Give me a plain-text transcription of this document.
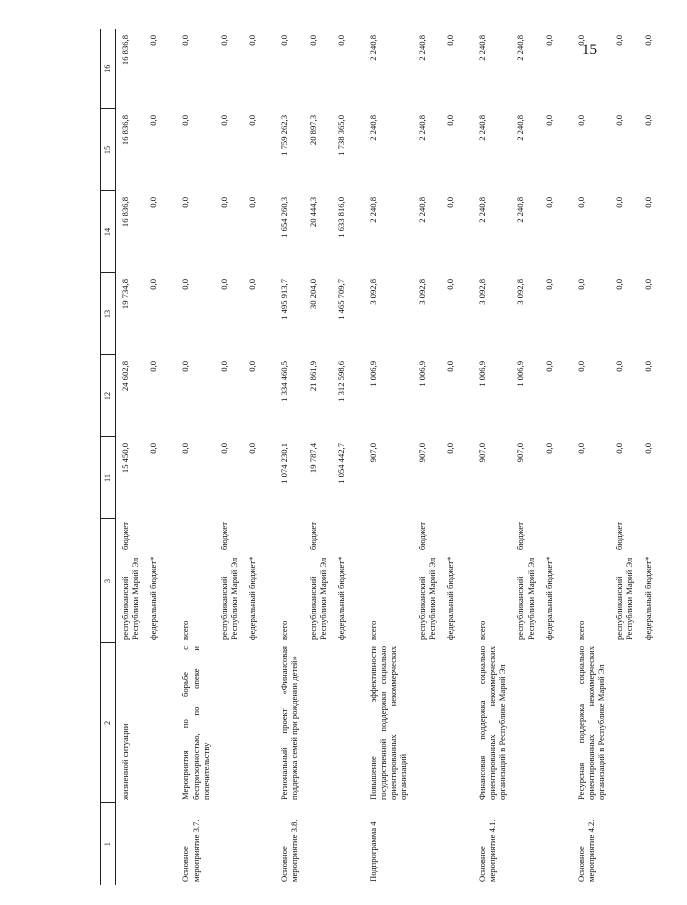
15
1	2	3	11	12	13	14	15	16
	жизненной ситуации	республиканский бюджет Республики Марий Эл	15 450,0	24 602,8	19 734,8	16 836,8	16 836,8	16 836,8
		федеральный бюджет*	0,0	0,0	0,0	0,0	0,0	0,0
Основное мероприятие 3.7.	Мероприятия по борьбе с беспризорностью, по опеке и попечительству	всего	0,0	0,0	0,0	0,0	0,0	0,0
		республиканский бюджет Республики Марий Эл	0,0	0,0	0,0	0,0	0,0	0,0
		федеральный бюджет*	0,0	0,0	0,0	0,0	0,0	0,0
Основное мероприятие 3.8.	Региональный проект «Финансовая поддержка семей при рождении детей»	всего	1 074 230,1	1 334 460,5	1 495 913,7	1 654 260,3	1 759 262,3	0,0
		республиканский бюджет Республики Марий Эл	19 787,4	21 861,9	30 204,0	20 444,3	20 897,3	0,0
		федеральный бюджет*	1 054 442,7	1 312 598,6	1 465 709,7	1 633 816,0	1 738 365,0	0,0
Подпрограмма 4	Повышение эффективности государственной поддержки социально ориентированных некоммерческих организаций	всего	907,0	1 006,9	3 092,8	2 240,8	2 240,8	2 240,8
		республиканский бюджет Республики Марий Эл	907,0	1 006,9	3 092,8	2 240,8	2 240,8	2 240,8
		федеральный бюджет*	0,0	0,0	0,0	0,0	0,0	0,0
Основное мероприятие 4.1.	Финансовая поддержка социально ориентированных некоммерческих организаций в Республике Марий Эл	всего	907,0	1 006,9	3 092,8	2 240,8	2 240,8	2 240,8
		республиканский бюджет Республики Марий Эл	907,0	1 006,9	3 092,8	2 240,8	2 240,8	2 240,8
		федеральный бюджет*	0,0	0,0	0,0	0,0	0,0	0,0
Основное мероприятие 4.2.	Ресурсная поддержка социально ориентированных некоммерческих организаций в Республике Марий Эл	всего	0,0	0,0	0,0	0,0	0,0	0,0
		республиканский бюджет Республики Марий Эл	0,0	0,0	0,0	0,0	0,0	0,0
		федеральный бюджет*	0,0	0,0	0,0	0,0	0,0	0,0
